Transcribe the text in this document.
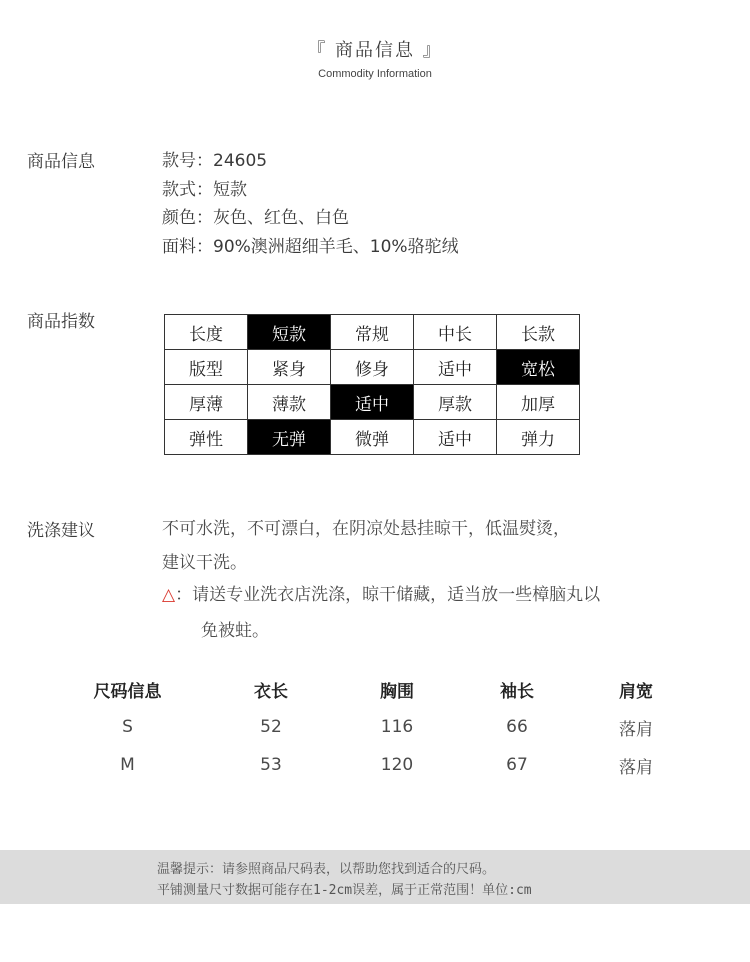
『 商品信息 』
Commodity Information
商品信息	款号：24605
款式：短款
颜色：灰色、红色、白色
面料：90%澳洲超细羊毛、10%骆驼绒
商品指数
长度	短款	常规	中长	长款
版型	紧身	修身	适中	宽松
厚薄	薄款	适中	厚款	加厚
弹性	无弹	微弹	适中	弹力
洗涤建议	不可水洗，不可漂白，在阴凉处悬挂晾干，低温熨烫，
建议干洗。
△：请送专业洗衣店洗涤，晾干储藏，适当放一些樟脑丸以
免被蛀。
尺码信息	衣长	胸围	袖长	肩宽
S	52	116	66	落肩
M	53	120	67	落肩
温馨提示：请参照商品尺码表，以帮助您找到适合的尺码。
平铺测量尺寸数据可能存在1-2cm误差，属于正常范围！单位:cm
